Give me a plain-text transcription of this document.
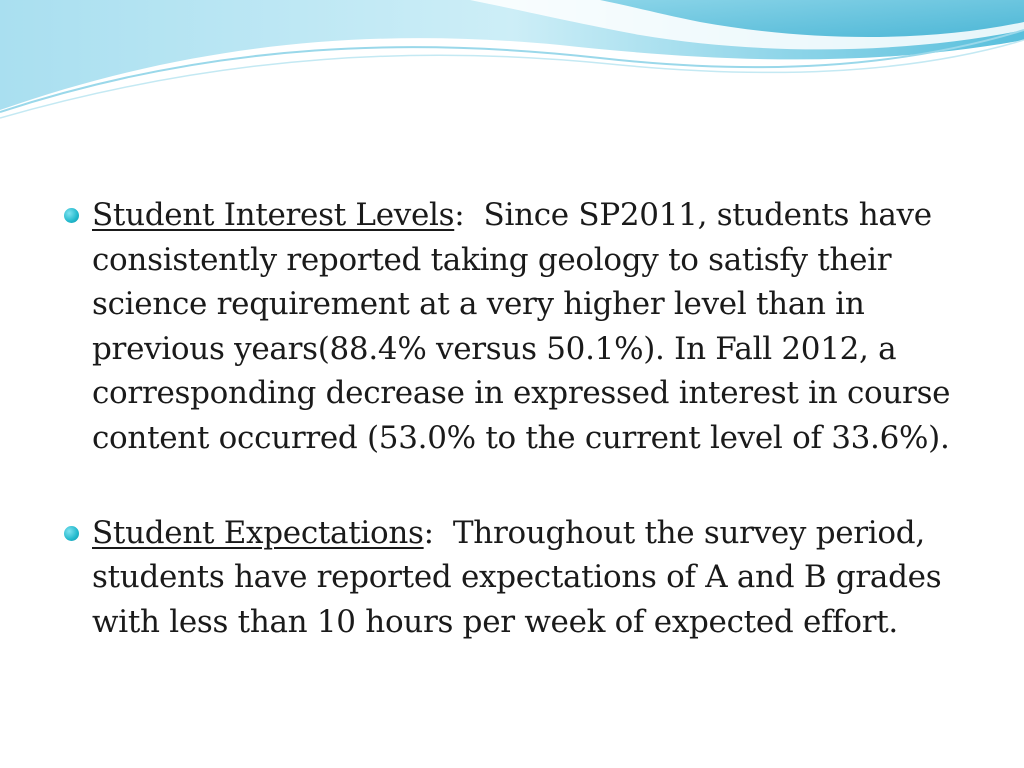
Student Interest Levels:  Since SP2011, students have consistently reported taking geology to satisfy their science requirement at a very higher level than in previous years(88.4% versus 50.1%). In Fall 2012, a corresponding decrease in expressed interest in course content occurred (53.0% to the current level of 33.6%).
Student Expectations:  Throughout the survey period, students have reported expectations of A and B grades with less than 10 hours per week of expected effort.
